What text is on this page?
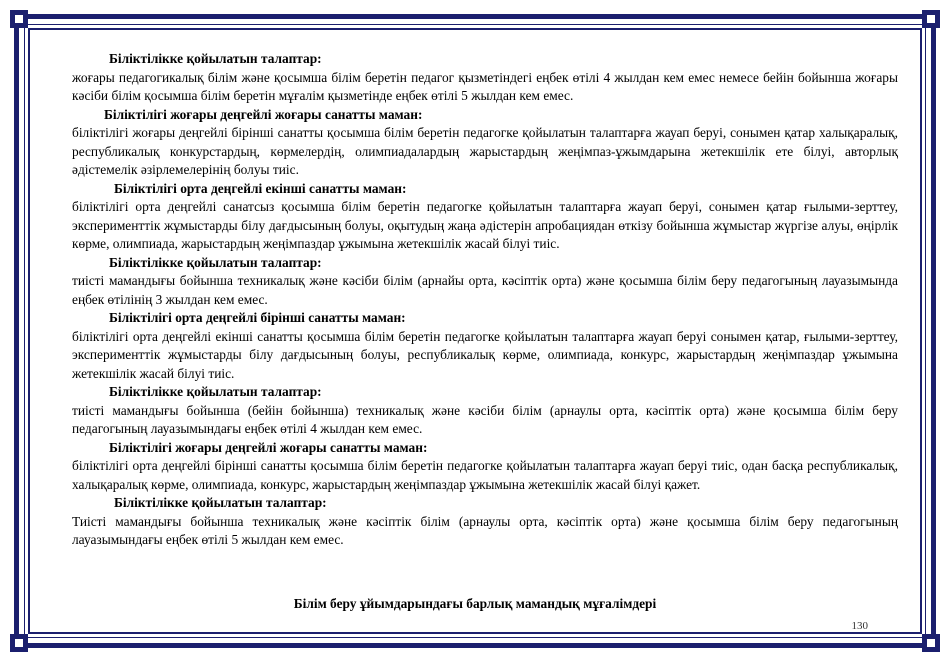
Біліктілікке қойылатын талаптар:

жоғары педагогикалық білім және қосымша білім беретін педагог қызметіндегі еңбек өтілі 4 жылдан кем емес немесе бейін бойынша жоғары кәсіби білім қосымша білім беретін мұғалім қызметінде еңбек өтілі 5 жылдан кем емес.

Біліктілігі жоғары деңгейлі жоғары санатты маман:

біліктілігі жоғары деңгейлі бірінші санатты қосымша білім беретін педагогке қойылатын талаптарға жауап беруі, сонымен қатар халықаралық, республикалық конкурстардың, көрмелердің, олимпиадалардың жарыстардың жеңімпаз-ұжымдарына жетекшілік ете білуі, авторлық әдістемелік әзірлемелерінің болуы тиіс.

Біліктілігі орта деңгейлі екінші санатты маман:

біліктілігі орта деңгейлі санатсыз қосымша білім беретін педагогке қойылатын талаптарға жауап беруі, сонымен қатар ғылыми-зерттеу, эксперименттік жұмыстарды білу дағдысының болуы, оқытудың жаңа әдістерін апробациядан өткізу бойынша жұмыстар жүргізе алуы, өңірлік көрме, олимпиада, жарыстардың жеңімпаздар ұжымына жетекшілік жасай білуі тиіс.

Біліктілікке қойылатын талаптар:

тиісті мамандығы бойынша техникалық және кәсіби білім (арнайы орта, кәсіптік орта) және қосымша білім беру педагогының лауазымында еңбек өтілінің 3 жылдан кем емес.

Біліктілігі орта деңгейлі бірінші санатты маман:

біліктілігі орта деңгейлі екінші санатты қосымша білім беретін педагогке қойылатын талаптарға жауап беруі сонымен қатар, ғылыми-зерттеу, эксперименттік жұмыстарды білу дағдысының болуы, республикалық көрме, олимпиада, конкурс, жарыстардың жеңімпаздар ұжымына жетекшілік жасай білуі тиіс.

Біліктілікке қойылатын талаптар:

тиісті мамандығы бойынша (бейін бойынша) техникалық және кәсіби білім (арнаулы орта, кәсіптік орта) және қосымша білім беру педагогының лауазымындағы еңбек өтілі 4 жылдан кем емес.

Біліктілігі жоғары деңгейлі жоғары санатты маман:

біліктілігі орта деңгейлі бірінші санатты қосымша білім беретін педагогке қойылатын талаптарға жауап беруі тиіс, одан басқа республикалық, халықаралық көрме, олимпиада, конкурс, жарыстардың жеңімпаздар ұжымына жетекшілік жасай білуі қажет.

Біліктілікке қойылатын талаптар:

Тиісті мамандығы бойынша техникалық және кәсіптік білім (арнаулы орта, кәсіптік орта) және қосымша білім беру педагогының лауазымындағы еңбек өтілі 5 жылдан кем емес.

Білім беру ұйымдарындағы барлық мамандық мұғалімдері
130
